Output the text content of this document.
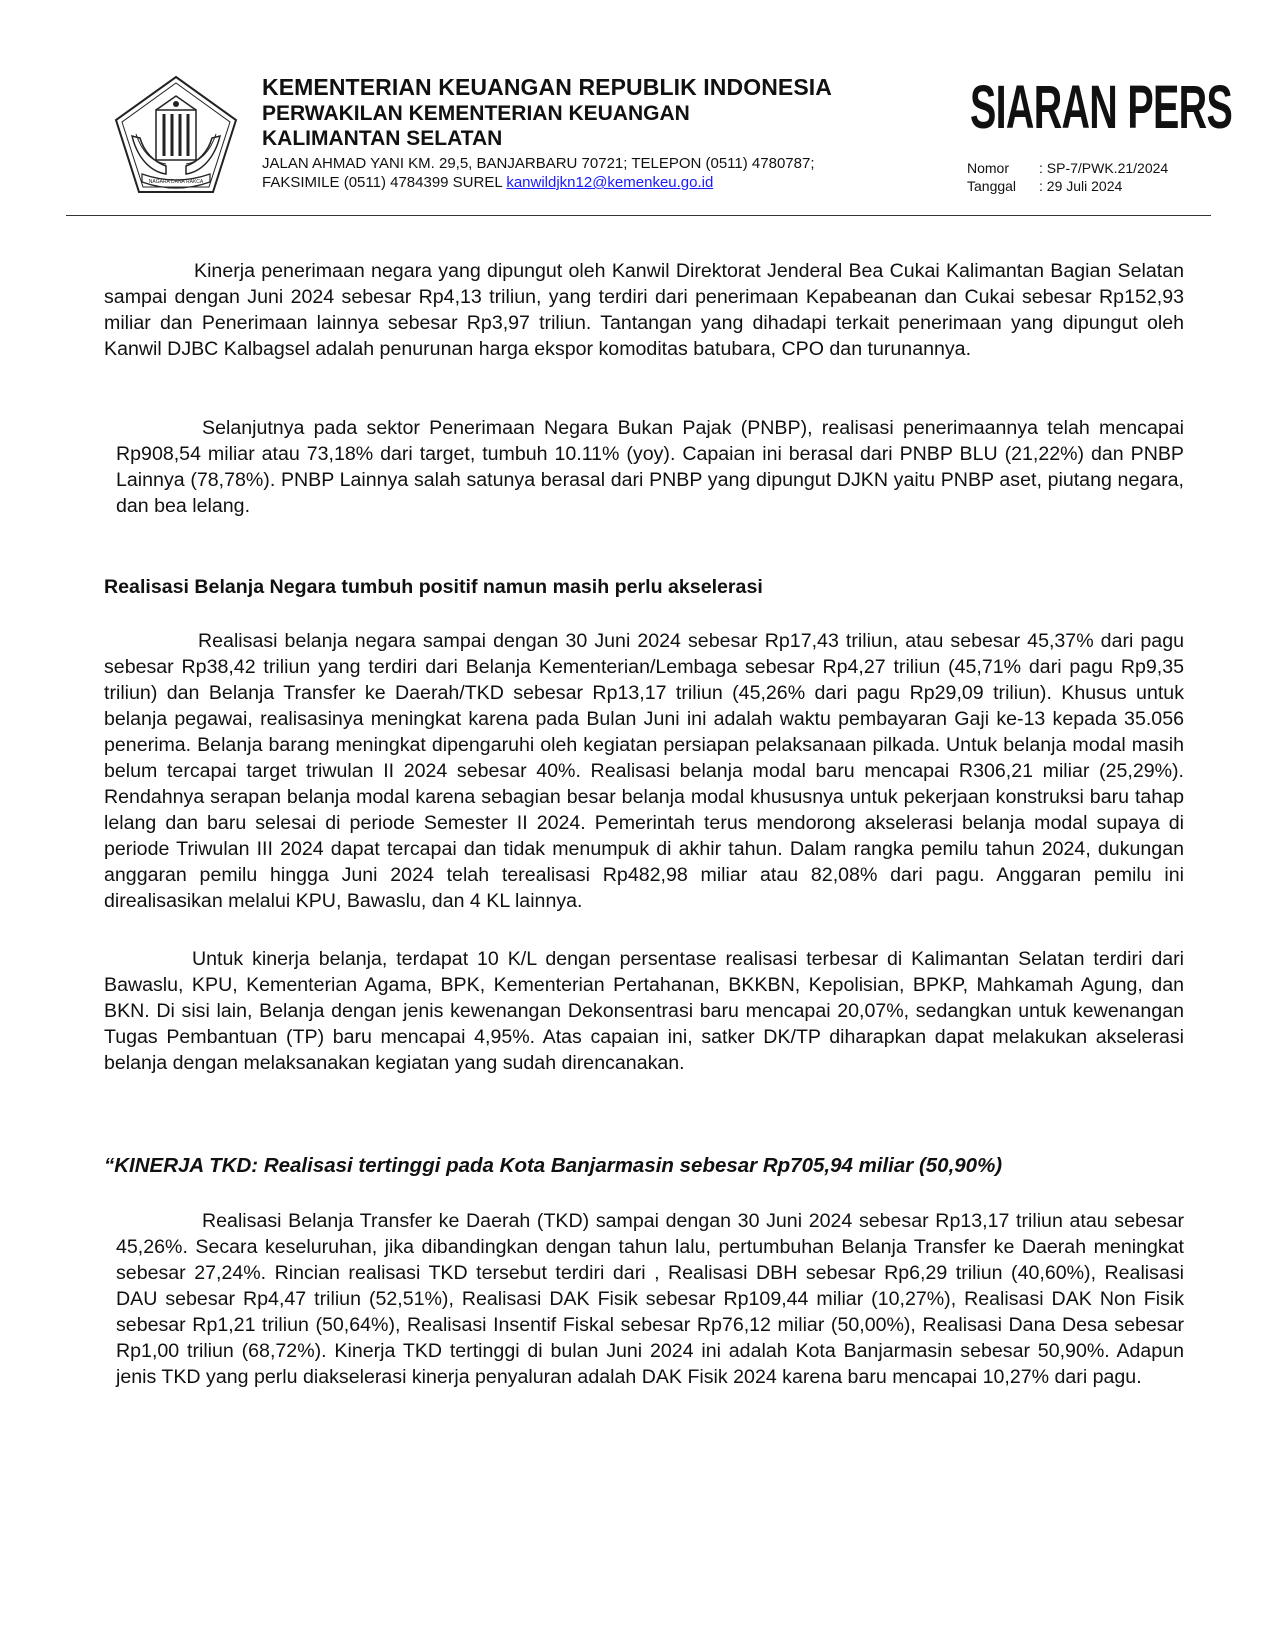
NAGARA DANA RAKCA
KEMENTERIAN KEUANGAN REPUBLIK INDONESIA
PERWAKILAN KEMENTERIAN KEUANGAN
KALIMANTAN SELATAN
JALAN AHMAD YANI KM. 29,5, BANJARBARU 70721; TELEPON (0511) 4780787;
FAKSIMILE (0511) 4784399 SUREL kanwildjkn12@kemenkeu.go.id
SIARAN PERS
Nomor	: SP-7/PWK.21/2024
Tanggal	: 29 Juli 2024

Kinerja penerimaan negara yang dipungut oleh Kanwil Direktorat Jenderal Bea Cukai Kalimantan Bagian Selatan sampai dengan Juni 2024 sebesar Rp4,13 triliun, yang terdiri dari penerimaan Kepabeanan dan Cukai sebesar Rp152,93 miliar dan Penerimaan lainnya sebesar Rp3,97 triliun. Tantangan yang dihadapi terkait penerimaan yang dipungut oleh Kanwil DJBC Kalbagsel adalah penurunan harga ekspor komoditas batubara, CPO dan turunannya.

Selanjutnya pada sektor Penerimaan Negara Bukan Pajak (PNBP), realisasi penerimaannya telah mencapai Rp908,54 miliar atau 73,18% dari target, tumbuh 10.11% (yoy). Capaian ini berasal dari PNBP BLU (21,22%) dan PNBP Lainnya (78,78%). PNBP Lainnya salah satunya berasal dari PNBP yang dipungut DJKN yaitu PNBP aset, piutang negara, dan bea lelang.

Realisasi Belanja Negara tumbuh positif namun masih perlu akselerasi

Realisasi belanja negara sampai dengan 30 Juni 2024 sebesar Rp17,43 triliun, atau sebesar 45,37% dari pagu sebesar Rp38,42 triliun yang terdiri dari Belanja Kementerian/Lembaga sebesar Rp4,27 triliun (45,71% dari pagu Rp9,35 triliun) dan Belanja Transfer ke Daerah/TKD sebesar Rp13,17 triliun (45,26% dari pagu Rp29,09 triliun). Khusus untuk belanja pegawai, realisasinya meningkat karena pada Bulan Juni ini adalah waktu pembayaran Gaji ke-13 kepada 35.056 penerima. Belanja barang meningkat dipengaruhi oleh kegiatan persiapan pelaksanaan pilkada. Untuk belanja modal masih belum tercapai target triwulan II 2024 sebesar 40%. Realisasi belanja modal baru mencapai R306,21 miliar (25,29%). Rendahnya serapan belanja modal karena sebagian besar belanja modal khususnya untuk pekerjaan konstruksi baru tahap lelang dan baru selesai di periode Semester II 2024. Pemerintah terus mendorong akselerasi belanja modal supaya di periode Triwulan III 2024 dapat tercapai dan tidak menumpuk di akhir tahun. Dalam rangka pemilu tahun 2024, dukungan anggaran pemilu hingga Juni 2024 telah terealisasi Rp482,98 miliar atau 82,08% dari pagu. Anggaran pemilu ini direalisasikan melalui KPU, Bawaslu, dan 4 KL lainnya.

Untuk kinerja belanja, terdapat 10 K/L dengan persentase realisasi terbesar di Kalimantan Selatan terdiri dari Bawaslu, KPU, Kementerian Agama, BPK, Kementerian Pertahanan, BKKBN, Kepolisian, BPKP, Mahkamah Agung, dan BKN. Di sisi lain, Belanja dengan jenis kewenangan Dekonsentrasi baru mencapai 20,07%, sedangkan untuk kewenangan Tugas Pembantuan (TP) baru mencapai 4,95%. Atas capaian ini, satker DK/TP diharapkan dapat melakukan akselerasi belanja dengan melaksanakan kegiatan yang sudah direncanakan.

“KINERJA TKD: Realisasi tertinggi pada Kota Banjarmasin sebesar Rp705,94 miliar (50,90%)

Realisasi Belanja Transfer ke Daerah (TKD) sampai dengan 30 Juni 2024 sebesar Rp13,17 triliun atau sebesar 45,26%. Secara keseluruhan, jika dibandingkan dengan tahun lalu, pertumbuhan Belanja Transfer ke Daerah meningkat sebesar 27,24%. Rincian realisasi TKD tersebut terdiri dari , Realisasi DBH sebesar Rp6,29 triliun (40,60%), Realisasi DAU sebesar Rp4,47 triliun (52,51%), Realisasi DAK Fisik sebesar Rp109,44 miliar (10,27%), Realisasi DAK Non Fisik sebesar Rp1,21 triliun (50,64%), Realisasi Insentif Fiskal sebesar Rp76,12 miliar (50,00%), Realisasi Dana Desa sebesar Rp1,00 triliun (68,72%). Kinerja TKD tertinggi di bulan Juni 2024 ini adalah Kota Banjarmasin sebesar 50,90%. Adapun jenis TKD yang perlu diakselerasi kinerja penyaluran adalah DAK Fisik 2024 karena baru mencapai 10,27% dari pagu.
